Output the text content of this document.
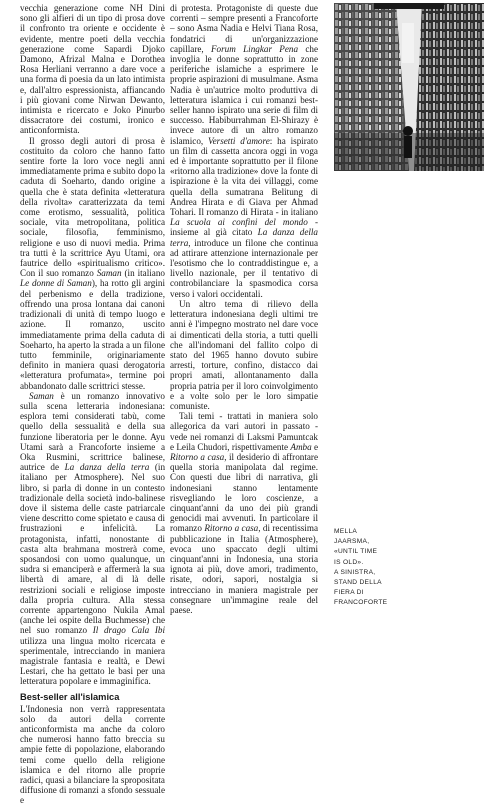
vecchia generazione come NH Dini sono gli alfieri di un tipo di prosa dove il confronto tra oriente e occidente è evidente, mentre poeti della vecchia generazione come Sapardi Djoko Damono, Afrizal Malna e Dorothea Rosa Herliani verranno a dare voce a una forma di poesia da un lato intimista e, dall'altro espressionista, affiancando i più giovani come Nirwan Dewanto, intimista e ricercato e Joko Pinurbo dissacratore dei costumi, ironico e anticonformista.

Il grosso degli autori di prosa è costituito da coloro che hanno fatto sentire forte la loro voce negli anni immediatamente prima e subito dopo la caduta di Soeharto, dando origine a quella che è stata definita «letteratura della rivolta» caratterizzata da temi come erotismo, sessualità, politica sociale, vita metropolitana, politica sociale, filosofia, femminismo, religione e uso di nuovi media. Prima tra tutti è la scrittrice Ayu Utami, ora fautrice dello «spiritualismo critico». Con il suo romanzo Saman (in italiano Le donne di Saman), ha rotto gli argini del perbenismo e della tradizione, offrendo una prosa lontana dai canoni tradizionali di unità di tempo luogo e azione. Il romanzo, uscito immediatamente prima della caduta di Soeharto, ha aperto la strada a un filone tutto femminile, originariamente definito in maniera quasi derogatoria «letteratura profumata», termine poi abbandonato dalle scrittrici stesse.

Saman è un romanzo innovativo sulla scena letteraria indonesiana: esplora temi considerati tabù, come quello della sessualità e della sua funzione liberatoria per le donne. Ayu Utami sarà a Francoforte insieme a Oka Rusmini, scrittrice balinese, autrice de La danza della terra (in italiano per Atmosphere). Nel suo libro, si parla di donne in un contesto tradizionale della società indo-balinese dove il sistema delle caste patriarcale viene descritto come spietato e causa di frustrazioni e infelicità. La protagonista, infatti, nonostante di casta alta brahmana mostrerà come, sposandosi con uomo qualunque, un sudra si emanciperà e affermerà la sua libertà di amare, al di là delle restrizioni sociali e religiose imposte dalla propria cultura. Alla stessa corrente appartengono Nukila Amal (anche lei ospite della Buchmesse) che nel suo romanzo Il drago Cala Ibi utilizza una lingua molto ricercata e sperimentale, intrecciando in maniera magistrale fantasia e realtà, e Dewi Lestari, che ha gettato le basi per una letteratura popolare e immaginifica.

Best-seller all'islamica

L'Indonesia non verrà rappresentata solo da autori della corrente anticonformista ma anche da coloro che numerosi hanno fatto breccia su ampie fette di popolazione, elaborando temi come quello della religione islamica e del ritorno alle proprie radici, quasi a bilanciare la spropositata diffusione di romanzi a sfondo sessuale e

di protesta. Protagoniste di queste due correnti – sempre presenti a Francoforte – sono Asma Nadia e Helvi Tiana Rosa, fondatrici di un'organizzazione capillare, Forum Lingkar Pena che invoglia le donne soprattutto in zone periferiche islamiche a esprimere le proprie aspirazioni di musulmane. Asma Nadia è un'autrice molto produttiva di letteratura islamica i cui romanzi best-seller hanno ispirato una serie di film di successo. Habiburrahman El-Shirazy è invece autore di un altro romanzo islamico, Versetti d'amore: ha ispirato un film di cassetta ancora oggi in voga ed è importante soprattutto per il filone «ritorno alla tradizione» dove la fonte di ispirazione è la vita dei villaggi, come quella della sumatrana Belitung di Andrea Hirata e di Giava per Ahmad Tohari. Il romanzo di Hirata - in italiano La scuola ai confini del mondo - insieme al già citato La danza della terra, introduce un filone che continua ad attirare attenzione internazionale per l'esotismo che lo contraddistingue e, a livello nazionale, per il tentativo di controbilanciare la spasmodica corsa verso i valori occidentali.

Un altro tema di rilievo della letteratura indonesiana degli ultimi tre anni è l'impegno mostrato nel dare voce ai dimenticati della storia, a tutti quelli che all'indomani del fallito colpo di stato del 1965 hanno dovuto subire arresti, torture, confino, distacco dai propri amati, allontanamento dalla propria patria per il loro coinvolgimento e a volte solo per le loro simpatie comuniste.

Tali temi - trattati in maniera solo allegorica da vari autori in passato - vede nei romanzi di Laksmi Pamuntcak e Leila Chudori, rispettivamente Amba e Ritorno a casa, il desiderio di affrontare quella storia manipolata dal regime. Con questi due libri di narrativa, gli indonesiani stanno lentamente risvegliando le loro coscienze, a cinquant'anni da uno dei più grandi genocidi mai avvenuti. In particolare il romanzo Ritorno a casa, di recentissima pubblicazione in Italia (Atmosphere), evoca uno spaccato degli ultimi cinquant'anni in Indonesia, una storia ignota ai più, dove amori, tradimento, risate, odori, sapori, nostalgia si intrecciano in maniera magistrale per consegnare un'immagine reale del paese.

MELLA
JAARSMA,
«UNTIL TIME
IS OLD».
A SINISTRA,
STAND DELLA
FIERA DI
FRANCOFORTE
